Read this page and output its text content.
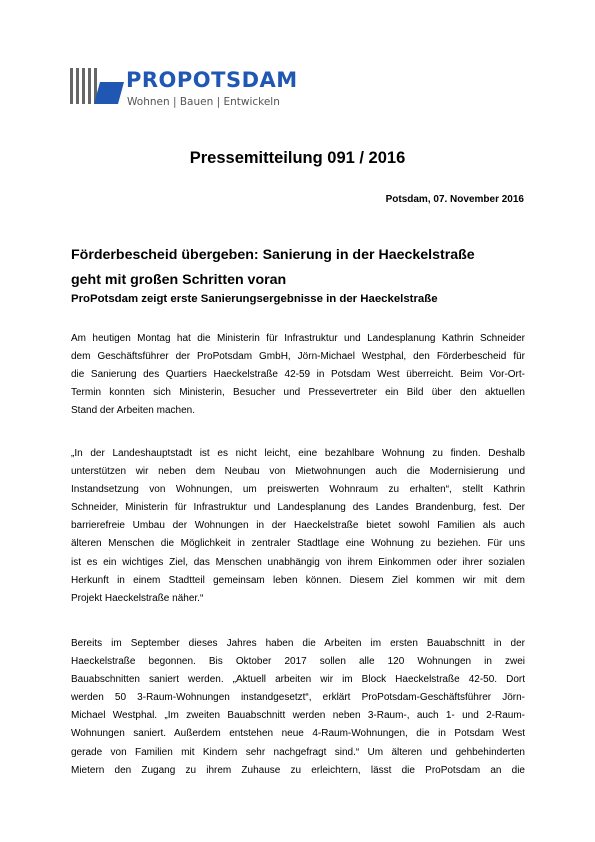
PROPOTSDAM
Wohnen | Bauen | Entwickeln
Pressemitteilung 091 / 2016
Potsdam, 07. November 2016
Förderbescheid übergeben: Sanierung in der Haeckelstraße
geht mit großen Schritten voran
ProPotsdam zeigt erste Sanierungsergebnisse in der Haeckelstraße
Am heutigen Montag hat die Ministerin für Infrastruktur und Landesplanung Kathrin Schneider
dem Geschäftsführer der ProPotsdam GmbH, Jörn-Michael Westphal, den Förderbescheid für
die Sanierung des Quartiers Haeckelstraße 42-59 in Potsdam West überreicht. Beim Vor-Ort-
Termin konnten sich Ministerin, Besucher und Pressevertreter ein Bild über den aktuellen
Stand der Arbeiten machen.
„In der Landeshauptstadt ist es nicht leicht, eine bezahlbare Wohnung zu finden. Deshalb
unterstützen wir neben dem Neubau von Mietwohnungen auch die Modernisierung und
Instandsetzung von Wohnungen, um preiswerten Wohnraum zu erhalten“, stellt Kathrin
Schneider, Ministerin für Infrastruktur und Landesplanung des Landes Brandenburg, fest. Der
barrierefreie Umbau der Wohnungen in der Haeckelstraße bietet sowohl Familien als auch
älteren Menschen die Möglichkeit in zentraler Stadtlage eine Wohnung zu beziehen. Für uns
ist es ein wichtiges Ziel, das Menschen unabhängig von ihrem Einkommen oder ihrer sozialen
Herkunft in einem Stadtteil gemeinsam leben können. Diesem Ziel kommen wir mit dem
Projekt Haeckelstraße näher.“
Bereits im September dieses Jahres haben die Arbeiten im ersten Bauabschnitt in der
Haeckelstraße begonnen. Bis Oktober 2017 sollen alle 120 Wohnungen in zwei
Bauabschnitten saniert werden. „Aktuell arbeiten wir im Block Haeckelstraße 42-50. Dort
werden 50 3-Raum-Wohnungen instandgesetzt“, erklärt ProPotsdam-Geschäftsführer Jörn-
Michael Westphal. „Im zweiten Bauabschnitt werden neben 3-Raum-, auch 1- und 2-Raum-
Wohnungen saniert. Außerdem entstehen neue 4-Raum-Wohnungen, die in Potsdam West
gerade von Familien mit Kindern sehr nachgefragt sind.“ Um älteren und gehbehinderten
Mietern den Zugang zu ihrem Zuhause zu erleichtern, lässt die ProPotsdam an die
